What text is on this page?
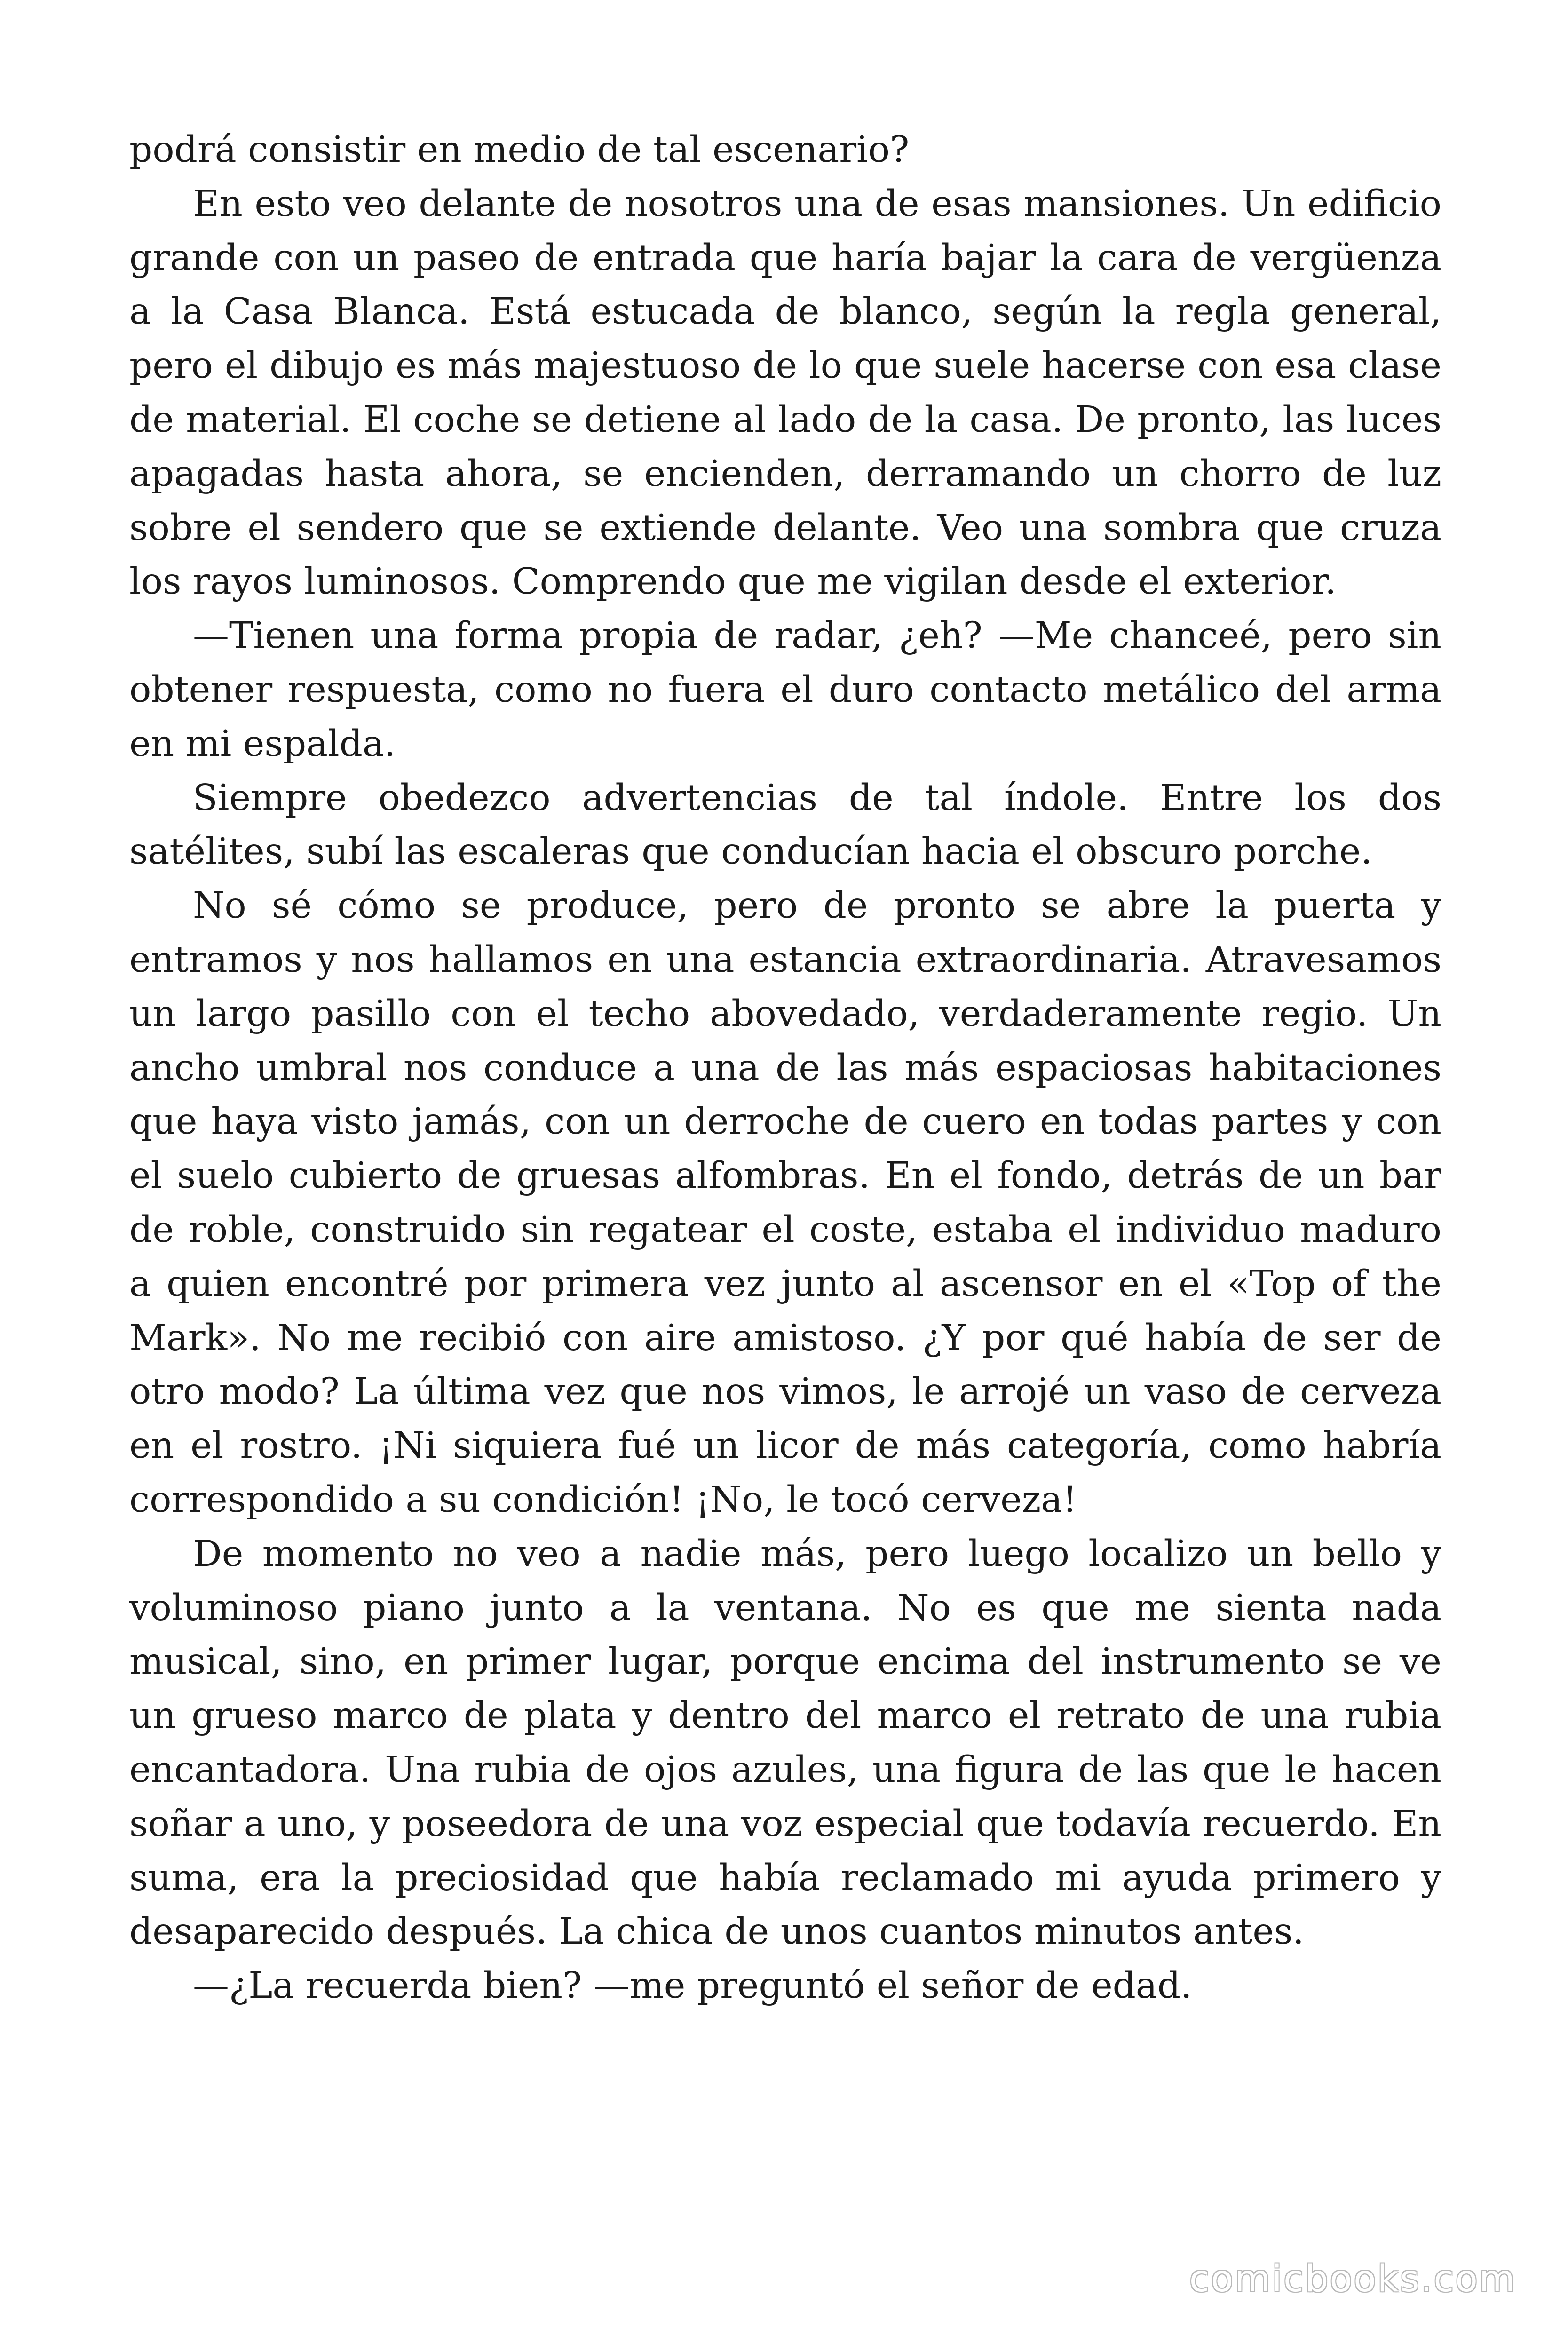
podrá consistir en medio de tal escenario?

En esto veo delante de nosotros una de esas mansiones. Un edificio grande con un paseo de entrada que haría bajar la cara de vergüenza a la Casa Blanca. Está estucada de blanco, según la regla general, pero el dibujo es más majestuoso de lo que suele hacerse con esa clase de material. El coche se detiene al lado de la casa. De pronto, las luces apagadas hasta ahora, se encienden, derramando un chorro de luz sobre el sendero que se extiende delante. Veo una sombra que cruza los rayos luminosos. Comprendo que me vigilan desde el exterior.

—Tienen una forma propia de radar, ¿eh? —Me chanceé, pero sin obtener respuesta, como no fuera el duro contacto metálico del arma en mi espalda.

Siempre obedezco advertencias de tal índole. Entre los dos satélites, subí las escaleras que conducían hacia el obscuro porche.

No sé cómo se produce, pero de pronto se abre la puerta y entramos y nos hallamos en una estancia extraordinaria. Atravesamos un largo pasillo con el techo abovedado, verdaderamente regio. Un ancho umbral nos conduce a una de las más espaciosas habitaciones que haya visto jamás, con un derroche de cuero en todas partes y con el suelo cubierto de gruesas alfombras. En el fondo, detrás de un bar de roble, construido sin regatear el coste, estaba el individuo maduro a quien encontré por primera vez junto al ascensor en el «Top of the Mark». No me recibió con aire amistoso. ¿Y por qué había de ser de otro modo? La última vez que nos vimos, le arrojé un vaso de cerveza en el rostro. ¡Ni siquiera fué un licor de más categoría, como habría correspondido a su condición! ¡No, le tocó cerveza!

De momento no veo a nadie más, pero luego localizo un bello y voluminoso piano junto a la ventana. No es que me sienta nada musical, sino, en primer lugar, porque encima del instrumento se ve un grueso marco de plata y dentro del marco el retrato de una rubia encantadora. Una rubia de ojos azules, una figura de las que le hacen soñar a uno, y poseedora de una voz especial que todavía recuerdo. En suma, era la preciosidad que había reclamado mi ayuda primero y desaparecido después. La chica de unos cuantos minutos antes.

—¿La recuerda bien? —me preguntó el señor de edad.

comicbooks.com
